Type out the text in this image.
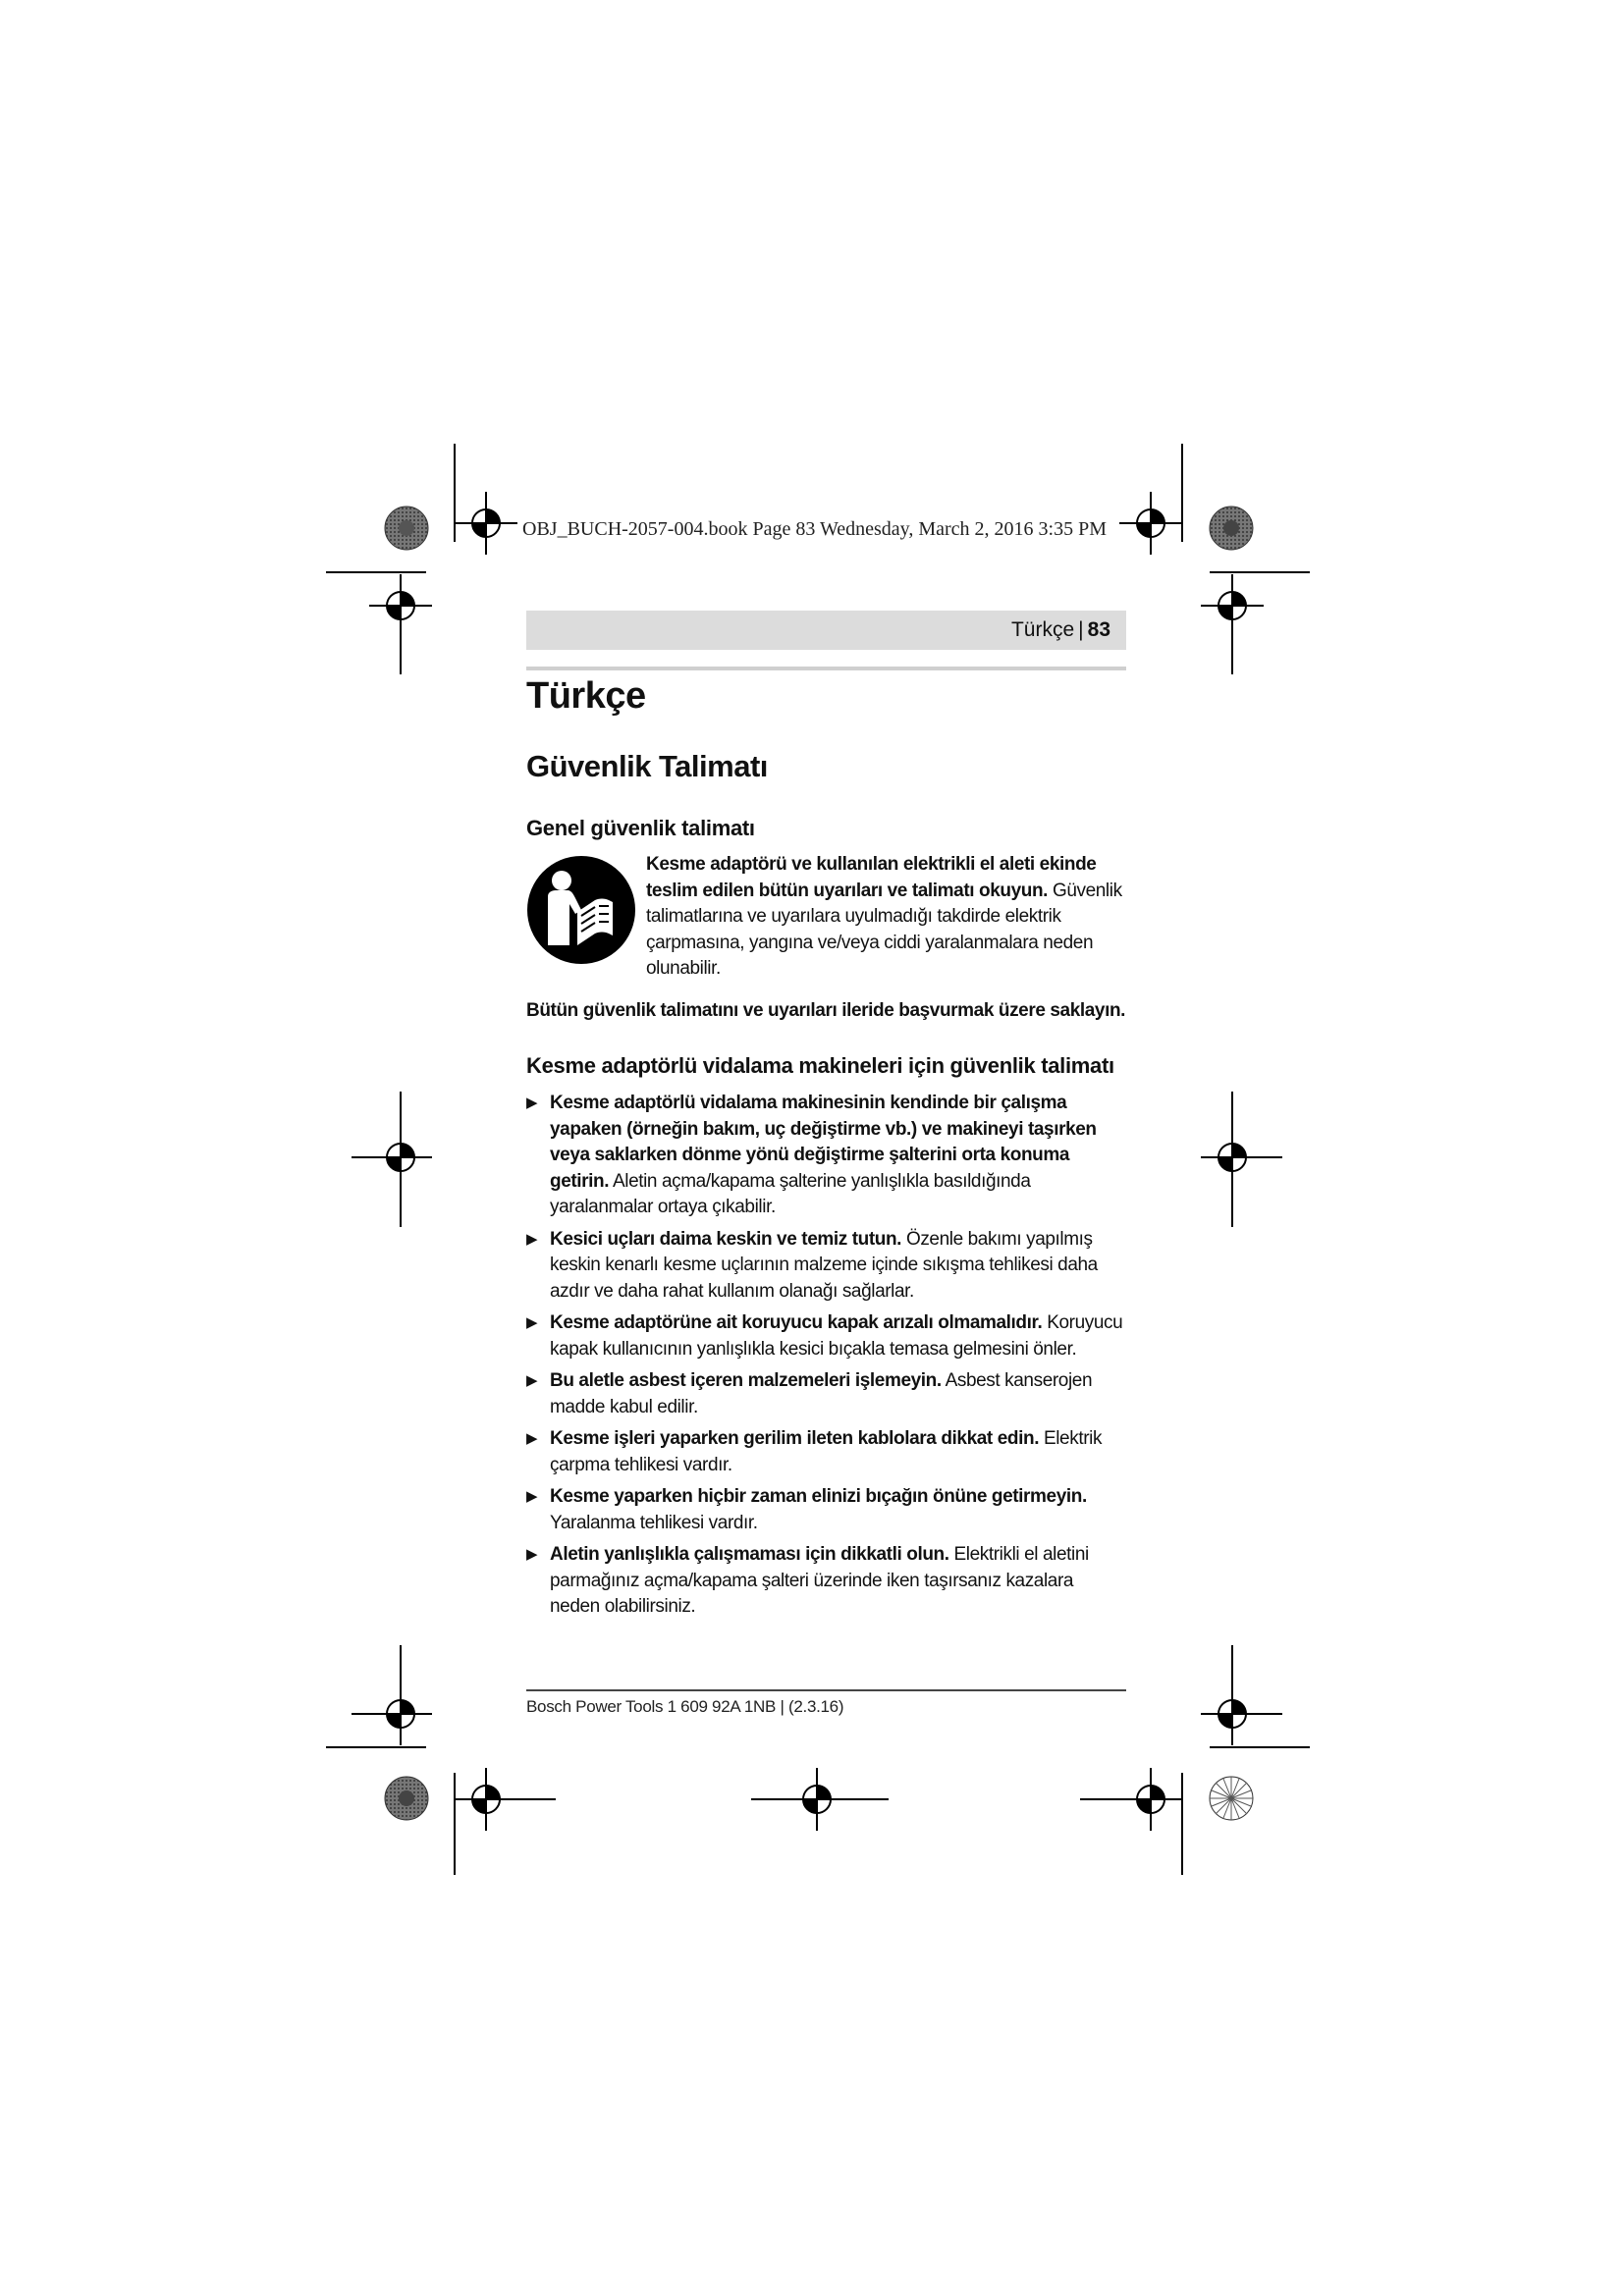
OBJ_BUCH-2057-004.book Page 83 Wednesday, March 2, 2016 3:35 PM
Türkçe | 83
Türkçe
Güvenlik Talimatı
Genel güvenlik talimatı

Kesme adaptörü ve kullanılan elektrikli el aleti ekinde teslim edilen bütün uyarıları ve talimatı okuyun. Güvenlik talimatlarına ve uyarılara uyulmadığı takdirde elektrik çarpmasına, yangına ve/veya ciddi yaralanmalara neden olunabilir.

Bütün güvenlik talimatını ve uyarıları ileride başvurmak üzere saklayın.

Kesme adaptörlü vidalama makineleri için güvenlik talimatı
▶ Kesme adaptörlü vidalama makinesinin kendinde bir çalışma yapaken (örneğin bakım, uç değiştirme vb.) ve makineyi taşırken veya saklarken dönme yönü değiştirme şalterini orta konuma getirin. Aletin açma/kapama şalterine yanlışlıkla basıldığında yaralanmalar ortaya çıkabilir.
▶ Kesici uçları daima keskin ve temiz tutun. Özenle bakımı yapılmış keskin kenarlı kesme uçlarının malzeme içinde sıkışma tehlikesi daha azdır ve daha rahat kullanım olanağı sağlarlar.
▶ Kesme adaptörüne ait koruyucu kapak arızalı olmamalıdır. Koruyucu kapak kullanıcının yanlışlıkla kesici bıçakla temasa gelmesini önler.
▶ Bu aletle asbest içeren malzemeleri işlemeyin. Asbest kanserojen madde kabul edilir.
▶ Kesme işleri yaparken gerilim ileten kablolara dikkat edin. Elektrik çarpma tehlikesi vardır.
▶ Kesme yaparken hiçbir zaman elinizi bıçağın önüne getirmeyin. Yaralanma tehlikesi vardır.
▶ Aletin yanlışlıkla çalışmaması için dikkatli olun. Elektrikli el aletini parmağınız açma/kapama şalteri üzerinde iken taşırsanız kazalara neden olabilirsiniz.
Bosch Power Tools 1 609 92A 1NB | (2.3.16)
